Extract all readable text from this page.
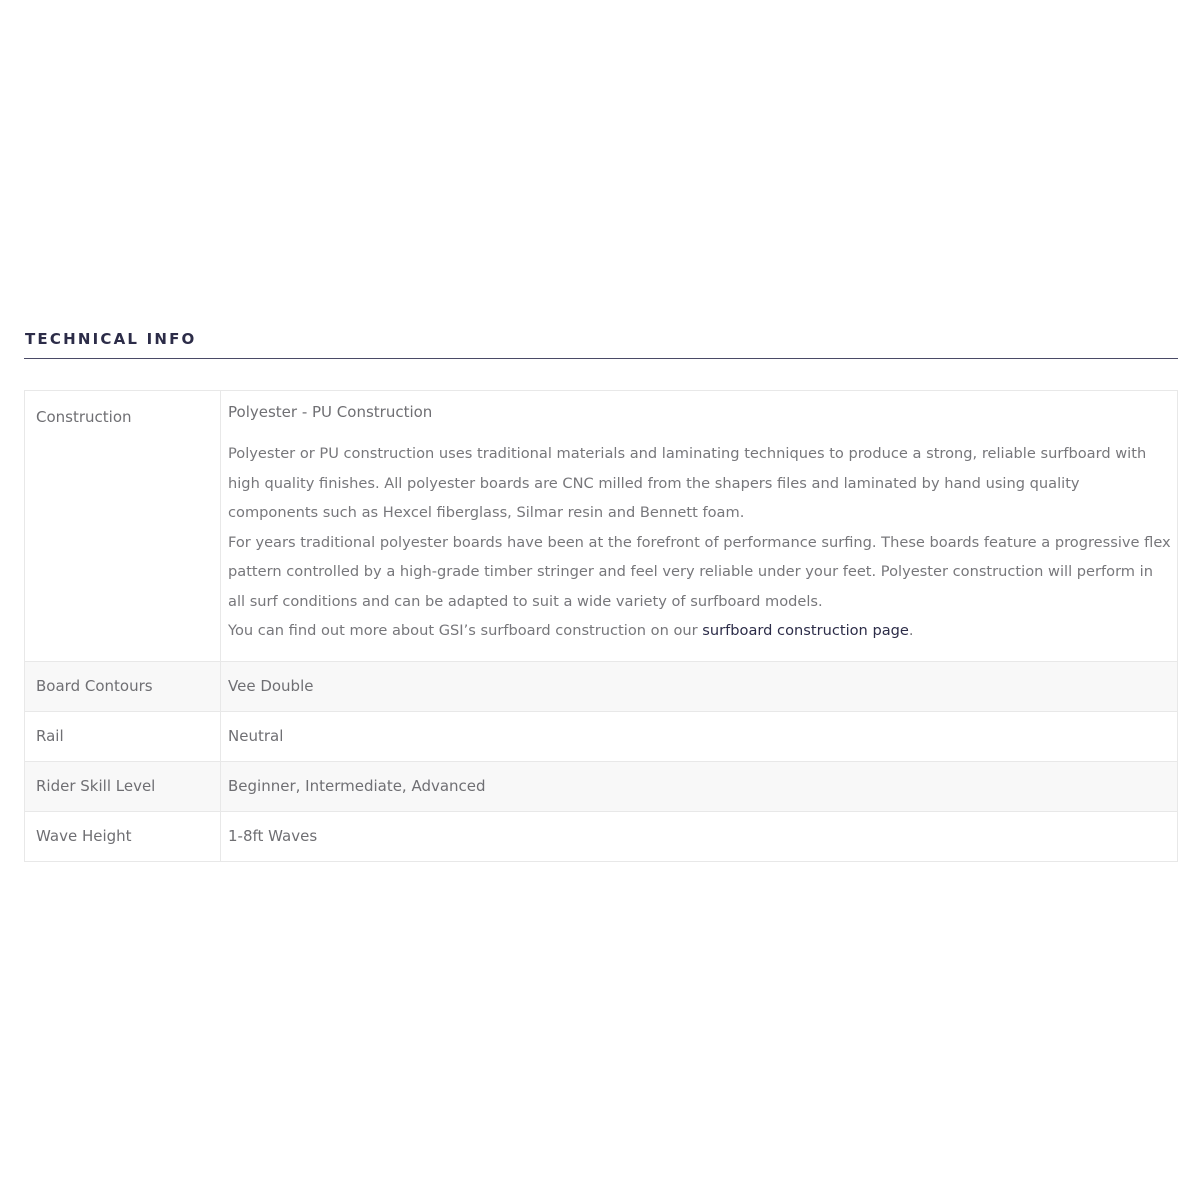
TECHNICAL INFO
Construction	Polyester - PU Construction

Polyester or PU construction uses traditional materials and laminating techniques to produce a strong, reliable surfboard with high quality finishes. All polyester boards are CNC milled from the shapers files and laminated by hand using quality components such as Hexcel fiberglass, Silmar resin and Bennett foam.

For years traditional polyester boards have been at the forefront of performance surfing. These boards feature a progressive flex pattern controlled by a high-grade timber stringer and feel very reliable under your feet. Polyester construction will perform in all surf conditions and can be adapted to suit a wide variety of surfboard models.

You can find out more about GSI’s surfboard construction on our surfboard construction page.

Board Contours	Vee Double
Rail	Neutral
Rider Skill Level	Beginner, Intermediate, Advanced
Wave Height	1-8ft Waves
